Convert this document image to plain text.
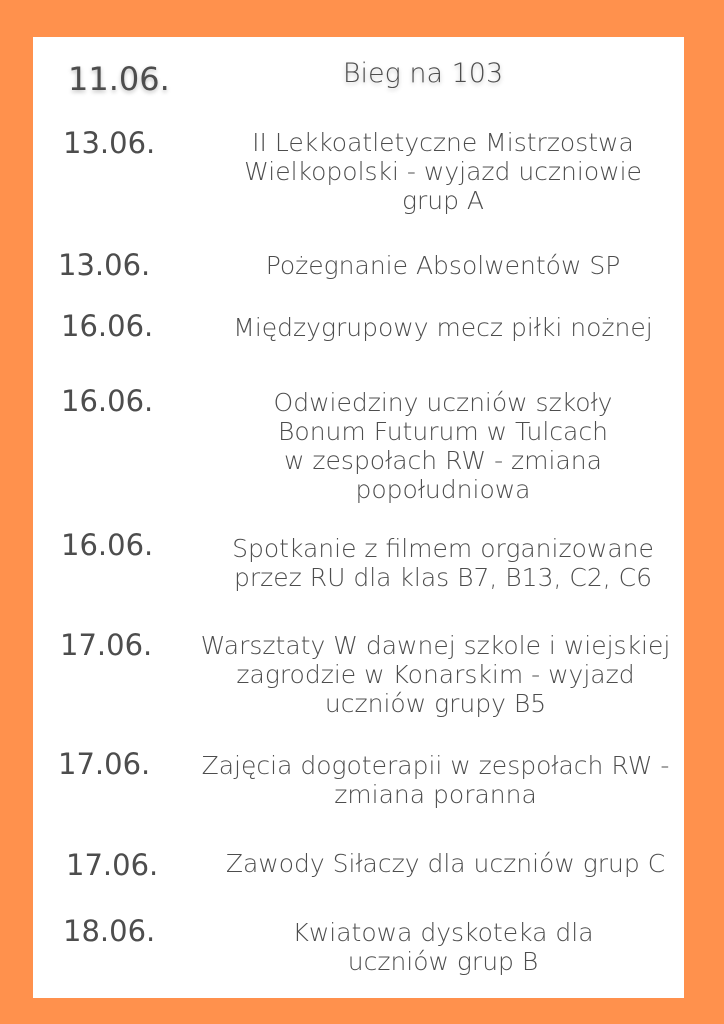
11.06.	Bieg na 103
13.06.	II Lekkoatletyczne Mistrzostwa
Wielkopolski - wyjazd uczniowie
grup A
13.06.	Pożegnanie Absolwentów SP
16.06.	Międzygrupowy mecz piłki nożnej
16.06.	Odwiedziny uczniów szkoły
Bonum Futurum w Tulcach
w zespołach RW - zmiana
popołudniowa
16.06.	Spotkanie z filmem organizowane
przez RU dla klas B7, B13, C2, C6
17.06.	Warsztaty W dawnej szkole i wiejskiej
zagrodzie w Konarskim - wyjazd
uczniów grupy B5
17.06.	Zajęcia dogoterapii w zespołach RW -
zmiana poranna
17.06.	Zawody Siłaczy dla uczniów grup C
18.06.	Kwiatowa dyskoteka dla
uczniów grup B
